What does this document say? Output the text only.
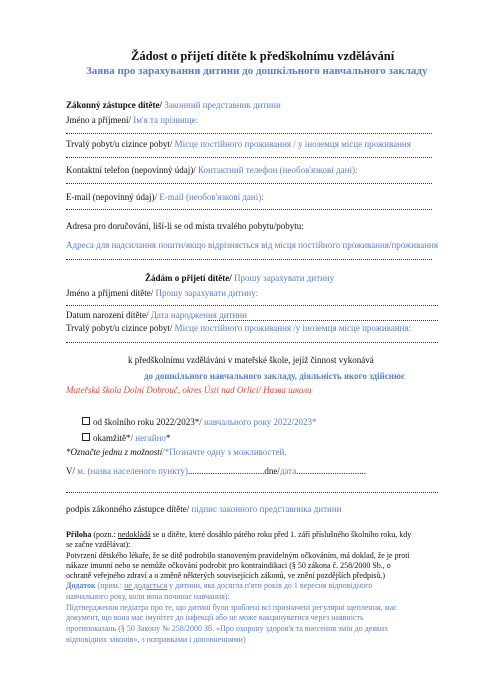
Žádost o přijetí dítěte k předškolnímu vzdělávání
Заява про зарахування дитини до дошкільного навчального закладу
Zákonný zástupce dítěte/ Законний представник дитини
Jméno a příjmení/ Ім'я та прізвище:
Trvalý pobyt/u cizince pobyt/ Місце постійного проживання / у іноземця місце проживання
Kontaktní telefon (nepovinný údaj)/ Контактний телефон (необов'язкові дані):
E-mail (nepovinný údaj)/ E-mail (необов'язкові дані):
Adresa pro doručování, liší-li se od místa trvalého pobytu/pobytu:
Адреса для надсилання пошти/якщо відрізняється від місця постійного проживання/проживання
Žádám o přijetí dítěte/ Прошу зарахувати дитину
Jméno a příjmení dítěte/ Прошу зарахувати дитину:
Datum narození dítěte/ Дата народження дитини
Trvalý pobyt/u cizince pobyt/ Місце постійного проживання /у іноземця місце проживання:
k předškolnímu vzdělávání v mateřské škole, jejíž činnost vykonává
до дошкільного навчального закладу, діяльність якого здійснює
Mateřská škola Dolní Dobrouč, okres Ústí nad Orlicí/ Назва школи
od školního roku 2022/2023*/ навчального року 2022/2023*
okamžitě*/ негайно*
*Označte jednu z možností/*Позначте одну з можливостей.
V/ м. (назва населеного пункту)..................................dne/дата...............................
podpis zákonného zástupce dítěte/ підпис законного представника дитини
Příloha (pozn.: nedokládá se u dítěte, které dosáhlo pátého roku před 1. září příslušného školního roku, kdy
se začne vzdělávat):
Potvrzení dětského lékaře, že se dítě podrobilo stanoveným pravidelným očkováním, má doklad, že je proti
nákaze imunní nebo se nemůže očkování podrobit pro kontraindikaci (§ 50 zákona č. 258/2000 Sb., o
ochraně veřejného zdraví a o změně některých souvisejících zákonů, ve znění pozdějších předpisů.)
Додаток (прим.: не додається у дитини, яка досягла п'яти років до 1 вересня відповідного
навчального року, коли вона починає навчання):
Підтвердження педіатра про те, що дитині були зроблені всі призначені регулярні щеплення, має
документ, що вона має імунітет до інфекції або не може вакцинуватися через наявність
протипоказань (§ 50 Закону № 258/2000 Зб. «Про охорону здоров'я та внесення змін до деяких
відповідних законів», з поправками і доповненнями)
